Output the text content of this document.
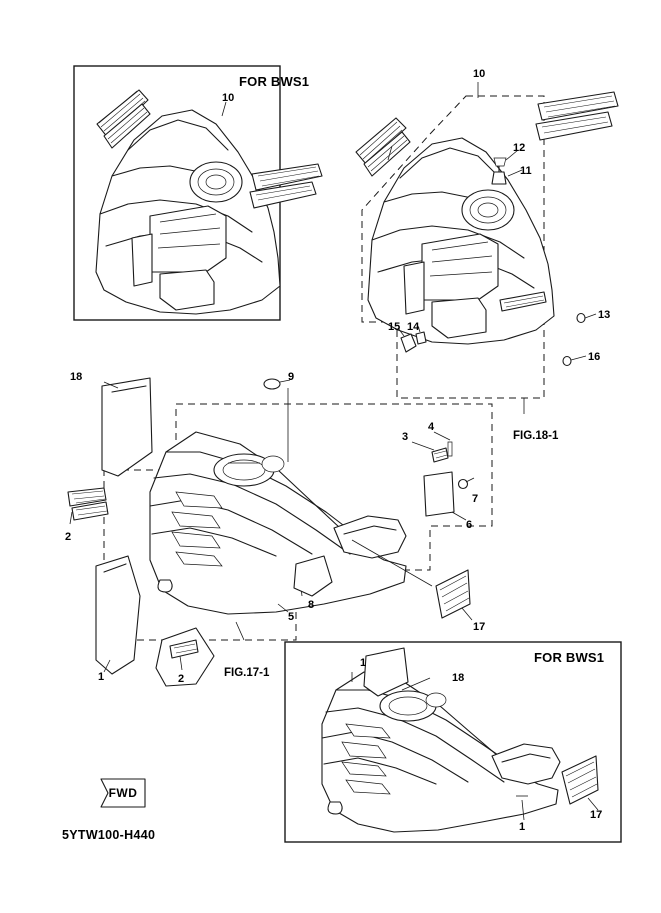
FOR BWS1
FOR BWS1
FIG.18-1
FIG.17-1
10
10
12
11
13
16
15 14
18	9
3
4
7
6
2
2
5
8
17
1
1
18
17
1
FWD
5YTW100-H440
